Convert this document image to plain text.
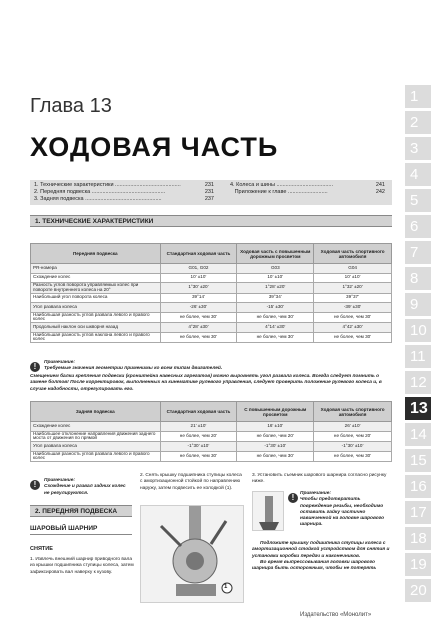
Глава 13
ХОДОВАЯ ЧАСТЬ
1. Технические характеристики ...........................................	231
2. Передняя подвеска ................................................	231
3. Задняя подвеска ..................................................	237
4. Колеса и шины .....................................	241
Приложение к главе ..........................	242
1. ТЕХНИЧЕСКИЕ ХАРАКТЕРИСТИКИ
Передняя подвеска	Стандартная ходовая часть	Ходовая часть с повышенным дорожным просветом	Ходовая часть спортивного автомобиля
PR-номера	G01, G02	G03	G04
Схождение колес	10’ ±10’	10’ ±10’	10’ ±10’
Разность углов поворота управляемых колес при повороте внутреннего колеса на 20°	1°30’ ±20’	1°28’ ±20’	1°32’ ±20’
Наибольший угол поворота колеса	39°14’	39°34’	39°37’
Угол развала колеса	-26’ ±30’	-15’ ±30’	-39’ ±30’
Наибольшая разность углов развала левого и правого колес	не более, чем 30’	не более, чем 30’	не более, чем 30’
Продольный наклон оси шкворня назад	4°28’ ±30’	4°14’ ±30’	4°42’ ±30’
Наибольшая разность углов наклона левого и правого колес	не более, чем 30’	не более, чем 30’	не более, чем 30’
!	Примечание:
Требуемые значения геометрии применимы ко всем типам двигателей.
Смещением балки крепления подвески (кронштейна навесных агрегатов) можно выровнять угол развала колеса. Всегда следует помнить о замене болтов! После корректировок, выполненных на кинематике рулевого управления, следует проверить положение рулевого колеса и, в случае надобности, отрегулировать его.
Задняя подвеска	Стандартная ходовая часть	С повышенным дорожным просветом	Ходовая часть спортивного автомобиля
Схождение колес	21’ ±10’	16’ ±10’	26’ ±10’
Наибольшее отклонение направления движения заднего моста от движения по прямой	не более, чем 20’	не более, чем 20’	не более, чем 20’
Угол развала колеса	-1°30’ ±10’	-1°30’ ±10’	-1°30’ ±10’
Наибольшая разность углов развала левого и правого колес	не более, чем 30’	не более, чем 30’	не более, чем 30’
!	Примечание:
Схождение и развал задних колес не регулируются.
2. ПЕРЕДНЯЯ ПОДВЕСКА
ШАРОВЫЙ ШАРНИР
СНЯТИЕ
1. Извлечь внешний шарнир приводного вала из крышки подшипника ступицы колеса, затем зафиксировать вал наверху к кузову.
2. Снять крышку подшипника ступицы колеса с амортизационной стойкой по направлению наружу, затем подвесить ее колодкой (1).
1
3. Установить съемник шарового шарнира согласно рисунку ниже.
!	Примечание:
Чтобы предотвратить повреждение резьбы, необходимо оставить гайку частично навинченной на головке шарового шарнира.
Подложите крышку подшипника ступицы колеса с амортизационной стойкой устройством для снятия и установки коробки передач и наконечников.
Во время выпрессовывания головки шарового шарнира быть осторожным, чтобы не потерять
Издательство «Монолит»
1
2
3
4
5
6
7
8
9
10
11
12
13
14
15
16
17
18
19
20
